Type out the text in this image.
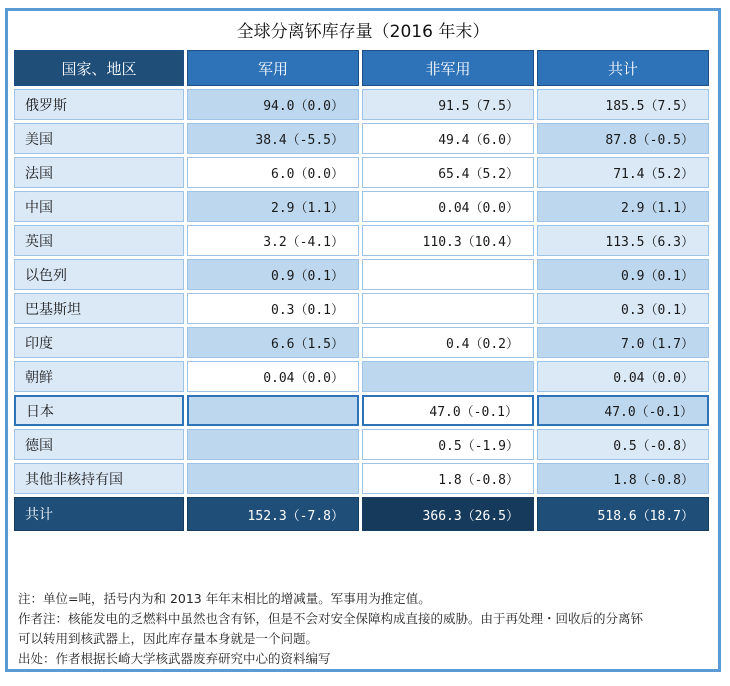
全球分离钚库存量（2016 年末）
国家、地区	军用	非军用	共计
俄罗斯	94.0（0.0）	91.5（7.5）	185.5（7.5）
美国	38.4（-5.5）	49.4（6.0）	87.8（-0.5）
法国	6.0（0.0）	65.4（5.2）	71.4（5.2）
中国	2.9（1.1）	0.04（0.0）	2.9（1.1）
英国	3.2（-4.1）	110.3（10.4）	113.5（6.3）
以色列	0.9（0.1）		0.9（0.1）
巴基斯坦	0.3（0.1）		0.3（0.1）
印度	6.6（1.5）	0.4（0.2）	7.0（1.7）
朝鲜	0.04（0.0）		0.04（0.0）
日本		47.0（-0.1）	47.0（-0.1）
德国		0.5（-1.9）	0.5（-0.8）
其他非核持有国		1.8（-0.8）	1.8（-0.8）
共计	152.3（-7.8）	366.3（26.5）	518.6（18.7）
注：单位=吨，括号内为和 2013 年年末相比的增减量。军事用为推定值。
作者注：核能发电的乏燃料中虽然也含有钚，但是不会对安全保障构成直接的威胁。由于再处理・回收后的分离钚
可以转用到核武器上，因此库存量本身就是一个问题。
出处：作者根据长崎大学核武器废弃研究中心的资料编写
